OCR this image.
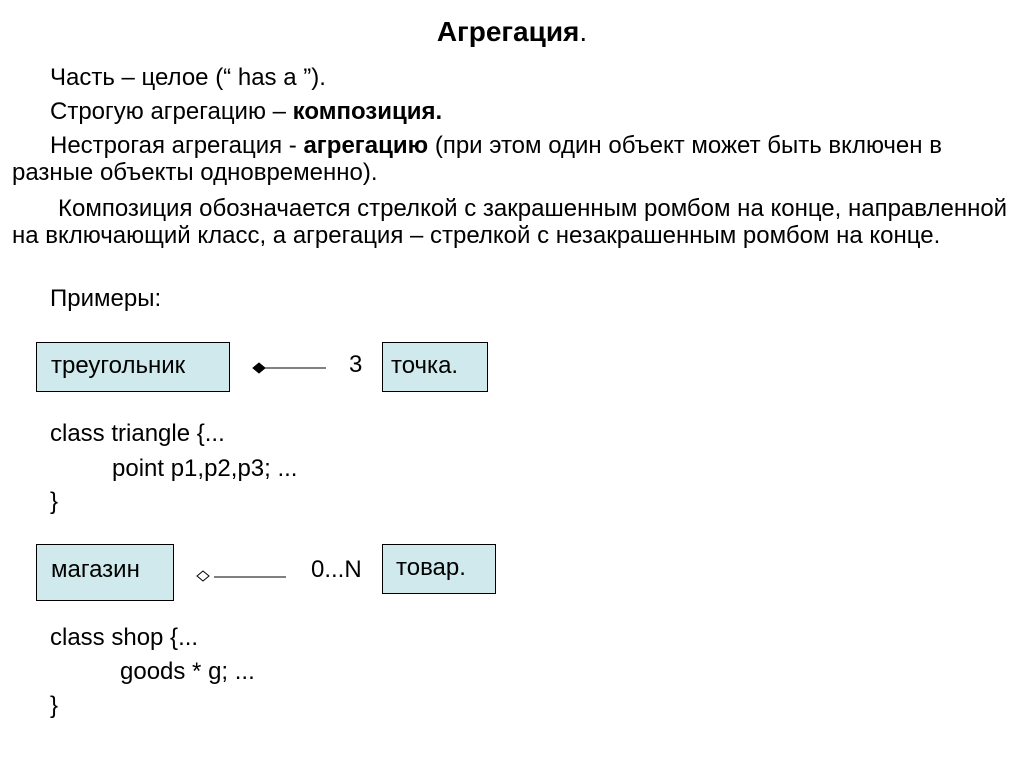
Агрегация.
Часть – целое (“ has a ”).
Строгую агрегацию – композиция.
Нестрогая агрегация - агрегацию (при этом один объект может быть включен в разные объекты одновременно).
Композиция обозначается стрелкой с закрашенным ромбом на конце, направленной на включающий класс, а агрегация – стрелкой с незакрашенным ромбом на конце.
Примеры:
треугольник	3 точка.
class triangle {...
point p1,p2,p3; ...
}
магазин	0...N товар.
class shop {...
goods * g; ...
}
